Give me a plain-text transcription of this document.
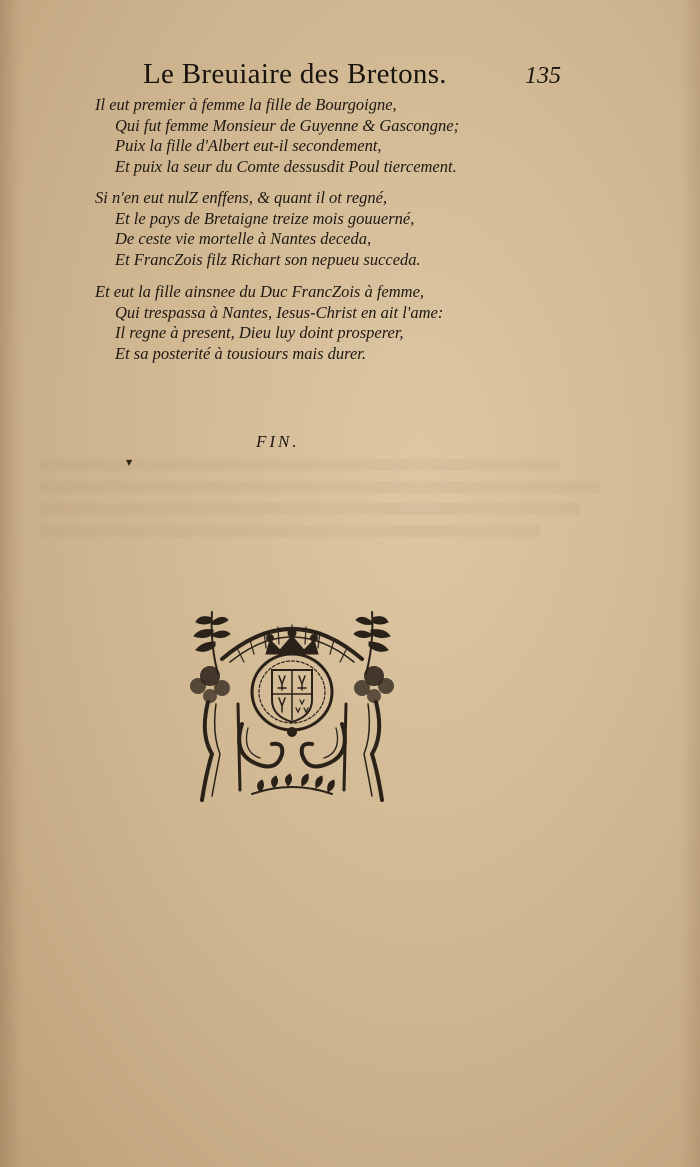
Le Breuiaire des Bretons.	135
Il eut premier à femme la fille de Bourgoigne,
Qui fut femme Monsieur de Guyenne & Gascongne;
Puix la fille d'Albert eut-il secondement,
Et puix la seur du Comte dessusdit Poul tiercement.
Si n'en eut nulZ enffens, & quant il ot regné,
Et le pays de Bretaigne treize mois gouuerné,
De ceste vie mortelle à Nantes deceda,
Et FrancZois filz Richart son nepueu succeda.
Et eut la fille ainsnee du Duc FrancZois à femme,
Qui trespassa à Nantes, Iesus-Christ en ait l'ame:
Il regne à present, Dieu luy doint prosperer,
Et sa posterité à tousiours mais durer.
FIN.
▼
